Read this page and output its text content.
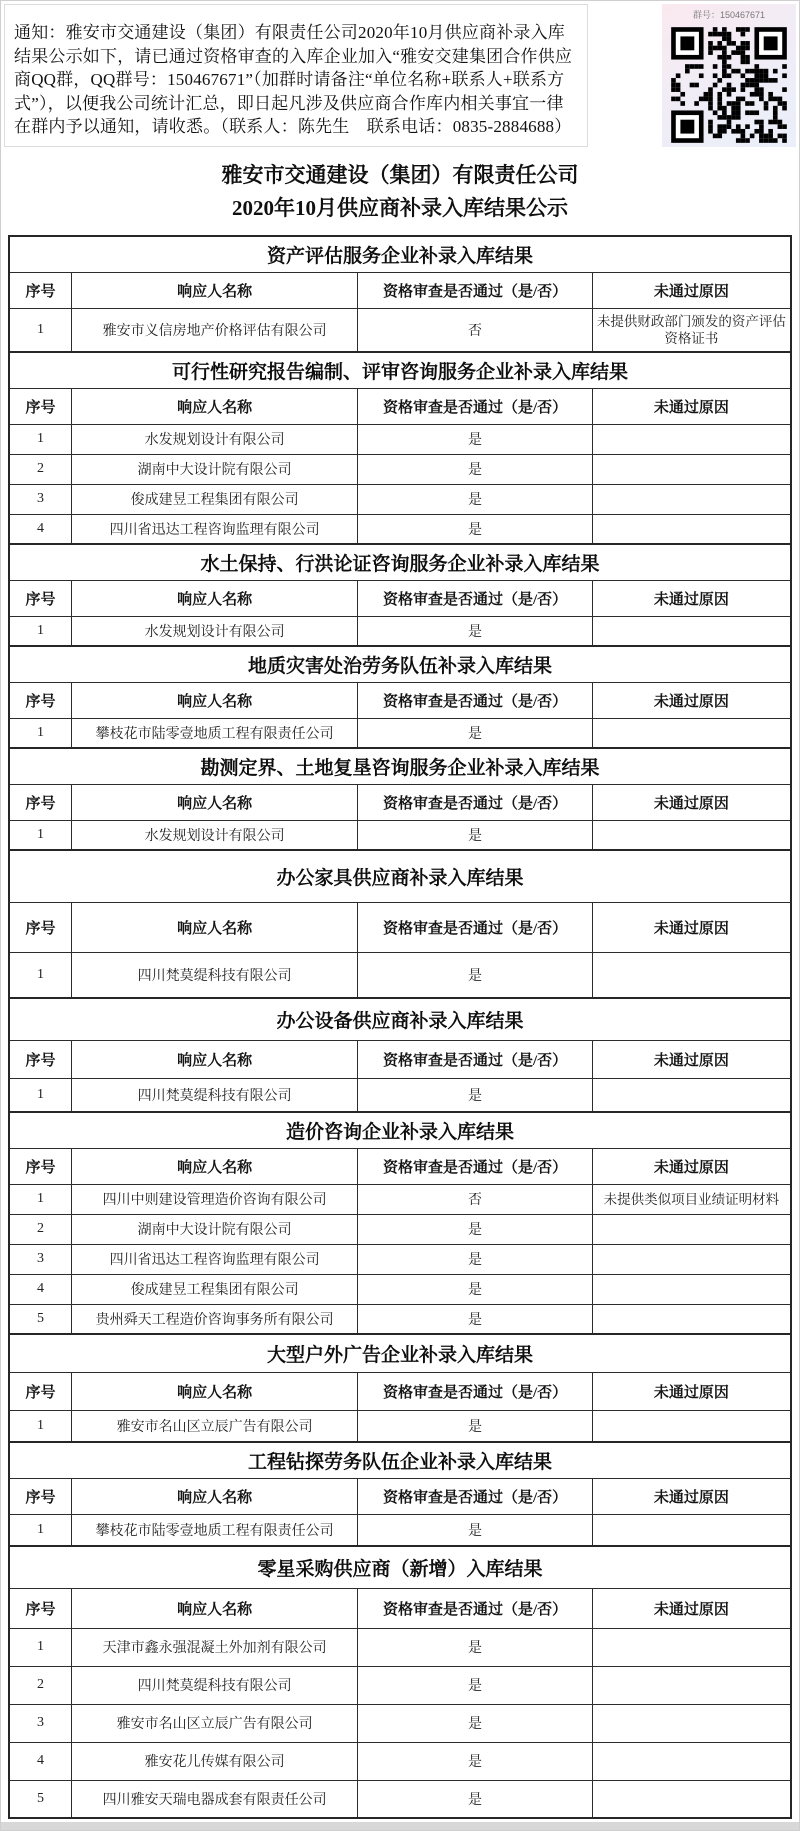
通知：雅安市交通建设（集团）有限责任公司2020年10月供应商补录入库结果公示如下，请已通过资格审查的入库企业加入“雅安交建集团合作供应商QQ群，QQ群号：150467671”（加群时请备注“单位名称+联系人+联系方式”），以便我公司统计汇总，即日起凡涉及供应商合作库内相关事宜一律在群内予以通知，请收悉。（联系人：陈先生　联系电话：0835-2884688）
群号：150467671
雅安市交通建设（集团）有限责任公司
2020年10月供应商补录入库结果公示
资产评估服务企业补录入库结果			
序号	响应人名称	资格审查是否通过（是/否）	未通过原因
1	雅安市义信房地产价格评估有限公司	否	未提供财政部门颁发的资产评估资格证书
可行性研究报告编制、评审咨询服务企业补录入库结果			
序号	响应人名称	资格审查是否通过（是/否）	未通过原因
1	水发规划设计有限公司	是	
2	湖南中大设计院有限公司	是	
3	俊成建昱工程集团有限公司	是	
4	四川省迅达工程咨询监理有限公司	是	
水土保持、行洪论证咨询服务企业补录入库结果			
序号	响应人名称	资格审查是否通过（是/否）	未通过原因
1	水发规划设计有限公司	是	
地质灾害处治劳务队伍补录入库结果			
序号	响应人名称	资格审查是否通过（是/否）	未通过原因
1	攀枝花市陆零壹地质工程有限责任公司	是	
勘测定界、土地复垦咨询服务企业补录入库结果			
序号	响应人名称	资格审查是否通过（是/否）	未通过原因
1	水发规划设计有限公司	是	
办公家具供应商补录入库结果			
序号	响应人名称	资格审查是否通过（是/否）	未通过原因
1	四川梵莫缇科技有限公司	是	
办公设备供应商补录入库结果			
序号	响应人名称	资格审查是否通过（是/否）	未通过原因
1	四川梵莫缇科技有限公司	是	
造价咨询企业补录入库结果			
序号	响应人名称	资格审查是否通过（是/否）	未通过原因
1	四川中则建设管理造价咨询有限公司	否	未提供类似项目业绩证明材料
2	湖南中大设计院有限公司	是	
3	四川省迅达工程咨询监理有限公司	是	
4	俊成建昱工程集团有限公司	是	
5	贵州舜天工程造价咨询事务所有限公司	是	
大型户外广告企业补录入库结果			
序号	响应人名称	资格审查是否通过（是/否）	未通过原因
1	雅安市名山区立辰广告有限公司	是	
工程钻探劳务队伍企业补录入库结果			
序号	响应人名称	资格审查是否通过（是/否）	未通过原因
1	攀枝花市陆零壹地质工程有限责任公司	是	
零星采购供应商（新增）入库结果			
序号	响应人名称	资格审查是否通过（是/否）	未通过原因
1	天津市鑫永强混凝土外加剂有限公司	是	
2	四川梵莫缇科技有限公司	是	
3	雅安市名山区立辰广告有限公司	是	
4	雅安花儿传媒有限公司	是	
5	四川雅安天瑞电器成套有限责任公司	是	
